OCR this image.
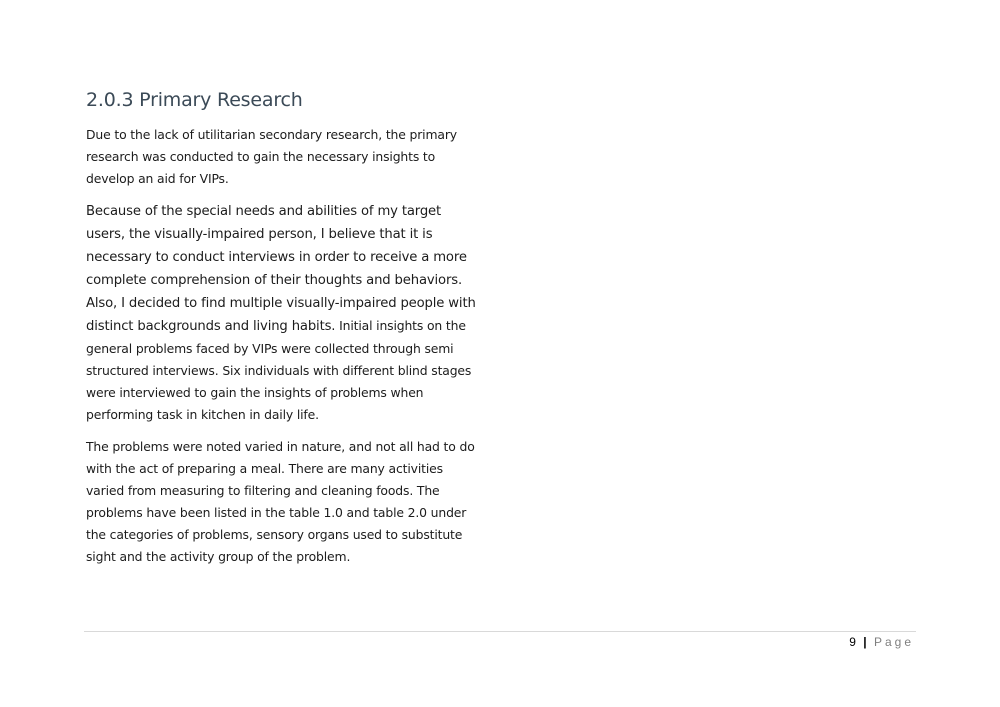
2.0.3 Primary Research

Due to the lack of utilitarian secondary research, the primary research was conducted to gain the necessary insights to develop an aid for VIPs.

Because of the special needs and abilities of my target users, the visually-impaired person, I believe that it is necessary to conduct interviews in order to receive a more complete comprehension of their thoughts and behaviors. Also, I decided to find multiple visually-impaired people with distinct backgrounds and living habits. Initial insights on the general problems faced by VIPs were collected through semi structured interviews. Six individuals with different blind stages were interviewed to gain the insights of problems when performing task in kitchen in daily life.

The problems were noted varied in nature, and not all had to do with the act of preparing a meal. There are many activities varied from measuring to filtering and cleaning foods. The problems have been listed in the table 1.0 and table 2.0 under the categories of problems, sensory organs used to substitute sight and the activity group of the problem.

9 | Page
